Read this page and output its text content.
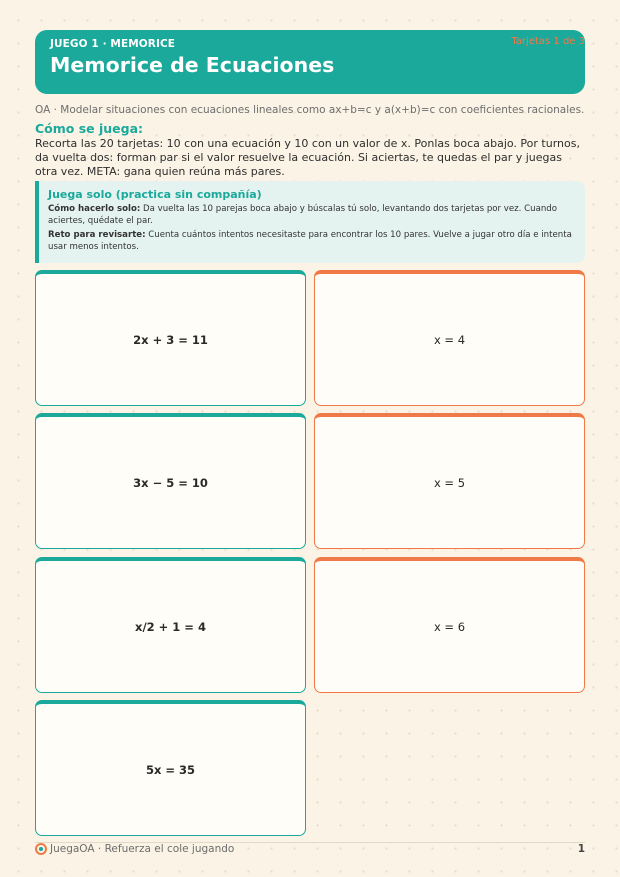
JUEGO 1 · MEMORICE
Memorice de Ecuaciones
Tarjetas 1 de 3
OA · Modelar situaciones con ecuaciones lineales como ax+b=c y a(x+b)=c con coeficientes racionales.
Cómo se juega:
Recorta las 20 tarjetas: 10 con una ecuación y 10 con un valor de x. Ponlas boca abajo. Por turnos, da vuelta dos: forman par si el valor resuelve la ecuación. Si aciertas, te quedas el par y juegas otra vez. META: gana quien reúna más pares.
Juega solo (practica sin compañía)

Cómo hacerlo solo: Da vuelta las 10 parejas boca abajo y búscalas tú solo, levantando dos tarjetas por vez. Cuando aciertes, quédate el par.

Reto para revisarte: Cuenta cuántos intentos necesitaste para encontrar los 10 pares. Vuelve a jugar otro día e intenta usar menos intentos.

2x + 3 = 11	x = 4
3x − 5 = 10	x = 5
x/2 + 1 = 4	x = 6
5x = 35
JuegaOA · Refuerza el cole jugando	1
